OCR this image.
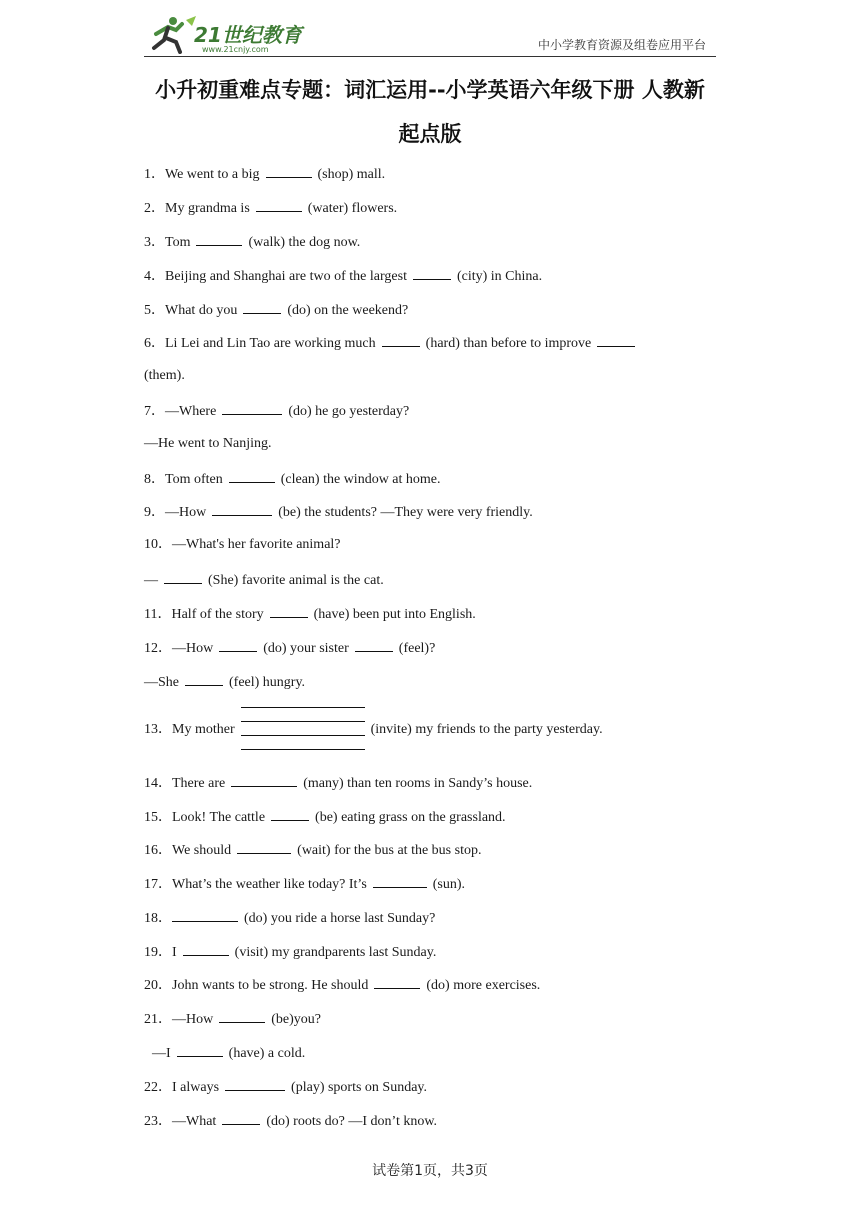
21世纪教育
www.21cnjy.com	中小学教育资源及组卷应用平台
小升初重难点专题：词汇运用--小学英语六年级下册 人教新
起点版
1．We went to a big	(shop) mall.
2．My grandma is	(water) flowers.
3．Tom	(walk) the dog now.
4．Beijing and Shanghai are two of the largest	(city) in China.
5．What do you	(do) on the weekend?
6．Li Lei and Lin Tao are working much	(hard) than before to improve
(them).
7．—Where	(do) he go yesterday?
—He went to Nanjing.
8．Tom often	(clean) the window at home.
9．—How	(be) the students? —They were very friendly.
10．—What's her favorite animal?
—	(She) favorite animal is the cat.
11．Half of the story	(have) been put into English.
12．—How	(do) your sister	(feel)?
—She	(feel) hungry.
13．My mother	(invite) my friends to the party yesterday.
14．There are	(many) than ten rooms in Sandy’s house.
15．Look! The cattle	(be) eating grass on the grassland.
16．We should	(wait) for the bus at the bus stop.
17．What’s the weather like today? It’s	(sun).
18．	(do) you ride a horse last Sunday?
19．I	(visit) my grandparents last Sunday.
20．John wants to be strong. He should	(do) more exercises.
21．—How	(be)you?
—I	(have) a cold.
22．I always	(play) sports on Sunday.
23．—What	(do) roots do? —I don’t know.
试卷第1页，共3页
